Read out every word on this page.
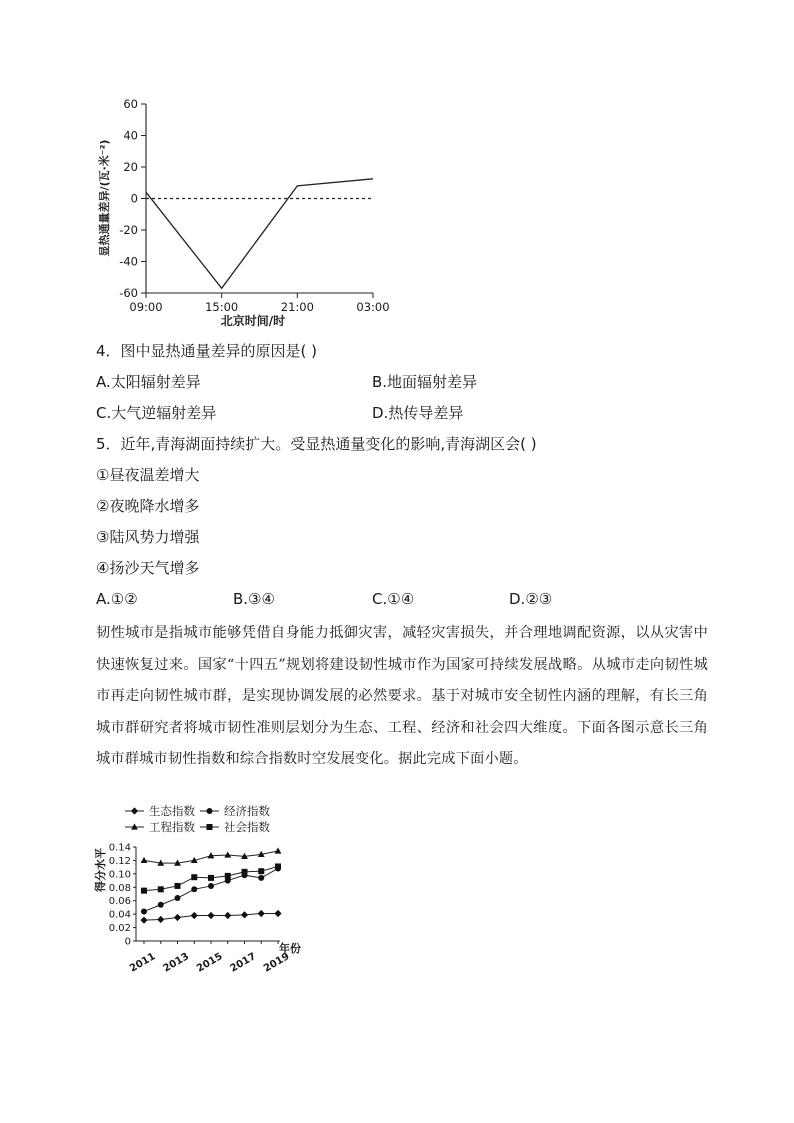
-60
-40
-20
0
20
40
60
09:00	15:00	21:00	03:00
显热通量差异/(瓦·米⁻²)
北京时间/时
4．图中显热通量差异的原因是( )
A.太阳辐射差异	B.地面辐射差异
C.大气逆辐射差异	D.热传导差异
5．近年,青海湖面持续扩大。受显热通量变化的影响,青海湖区会( )
①昼夜温差增大
②夜晚降水增多
③陆风势力增强
④扬沙天气增多
A.①②	B.③④	C.①④	D.②③
韧性城市是指城市能够凭借自身能力抵御灾害，减轻灾害损失，并合理地调配资源，以从灾害中快速恢复过来。国家“十四五”规划将建设韧性城市作为国家可持续发展战略。从城市走向韧性城市再走向韧性城市群，是实现协调发展的必然要求。基于对城市安全韧性内涵的理解，有长三角城市群研究者将城市韧性准则层划分为生态、工程、经济和社会四大维度。下面各图示意长三角城市群城市韧性指数和综合指数时空发展变化。据此完成下面小题。
生态指数	经济指数
工程指数	社会指数
0
0.02
0.04
0.06
0.08
0.10
0.12
0.14
2011 2013 2015 2017 2019
得分水平
年份
